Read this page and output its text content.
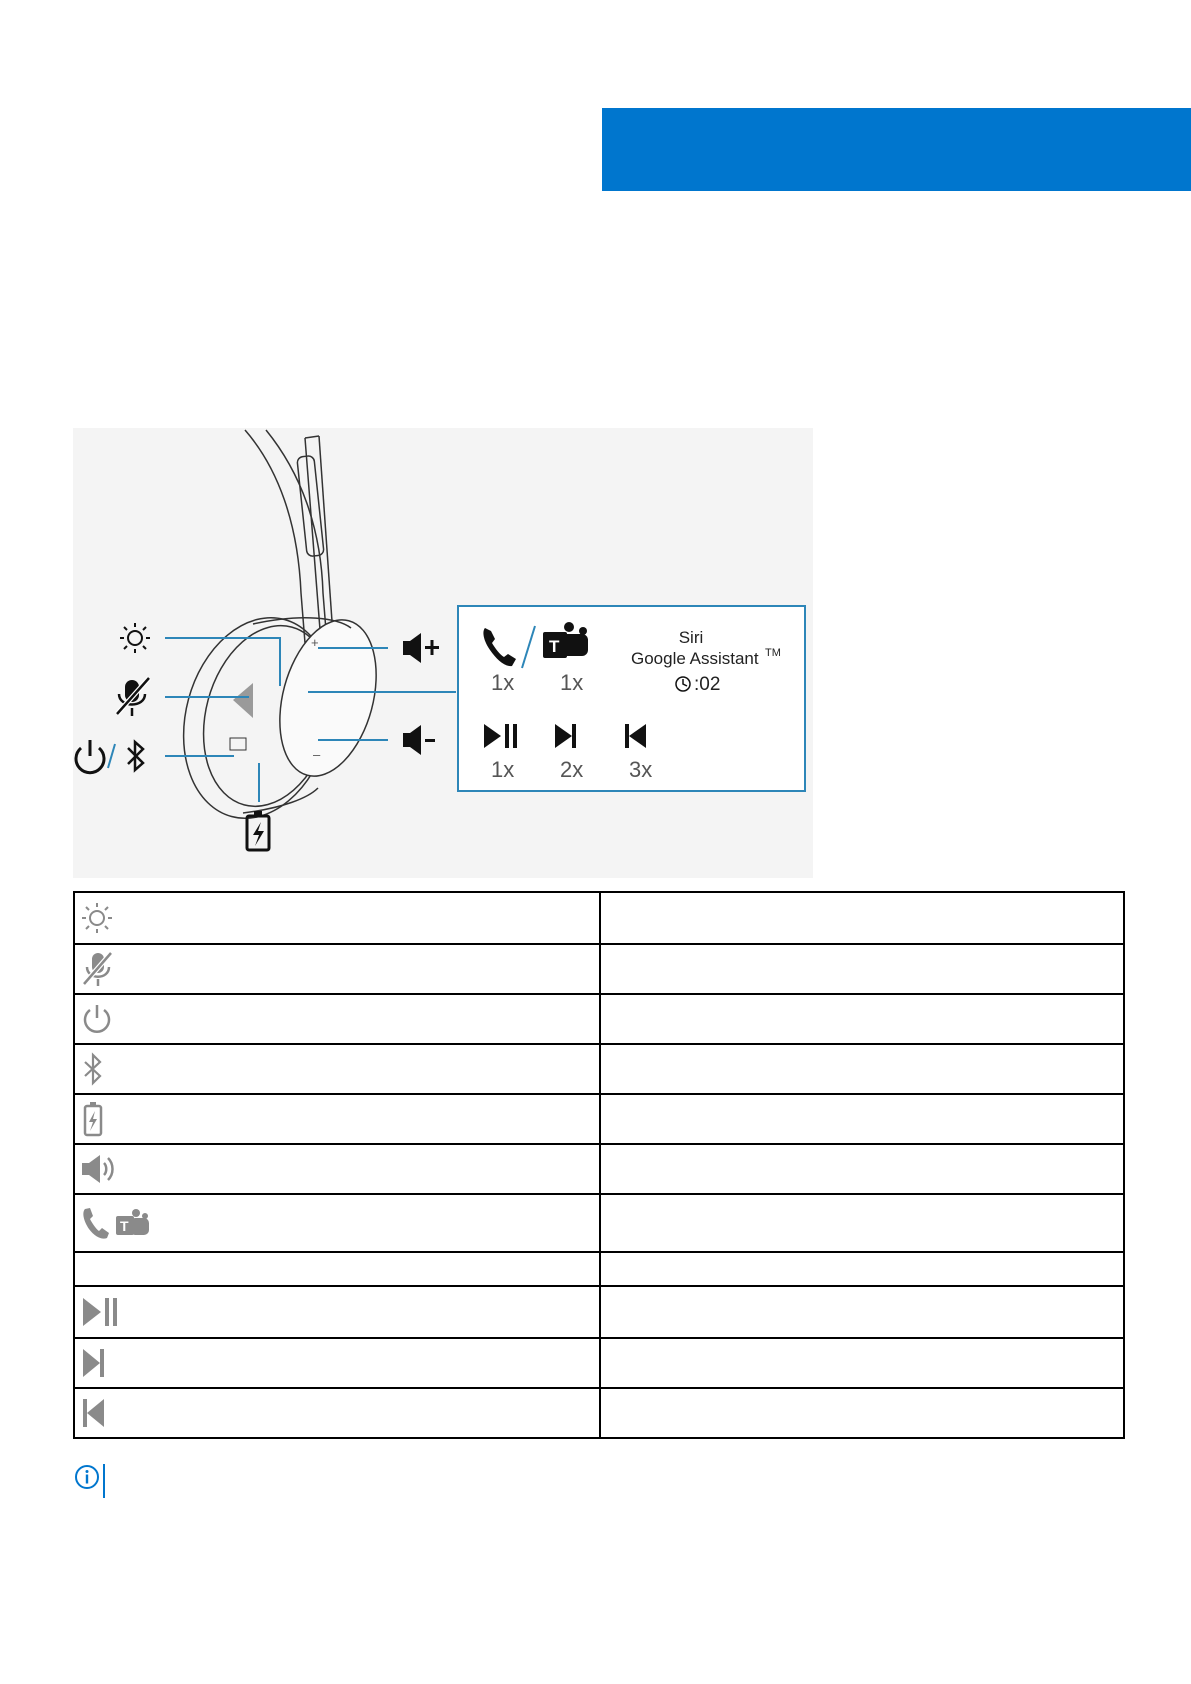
+
–
T
1x 1x
Siri
Google Assistant TM
:02
1x 2x 3x

T	
